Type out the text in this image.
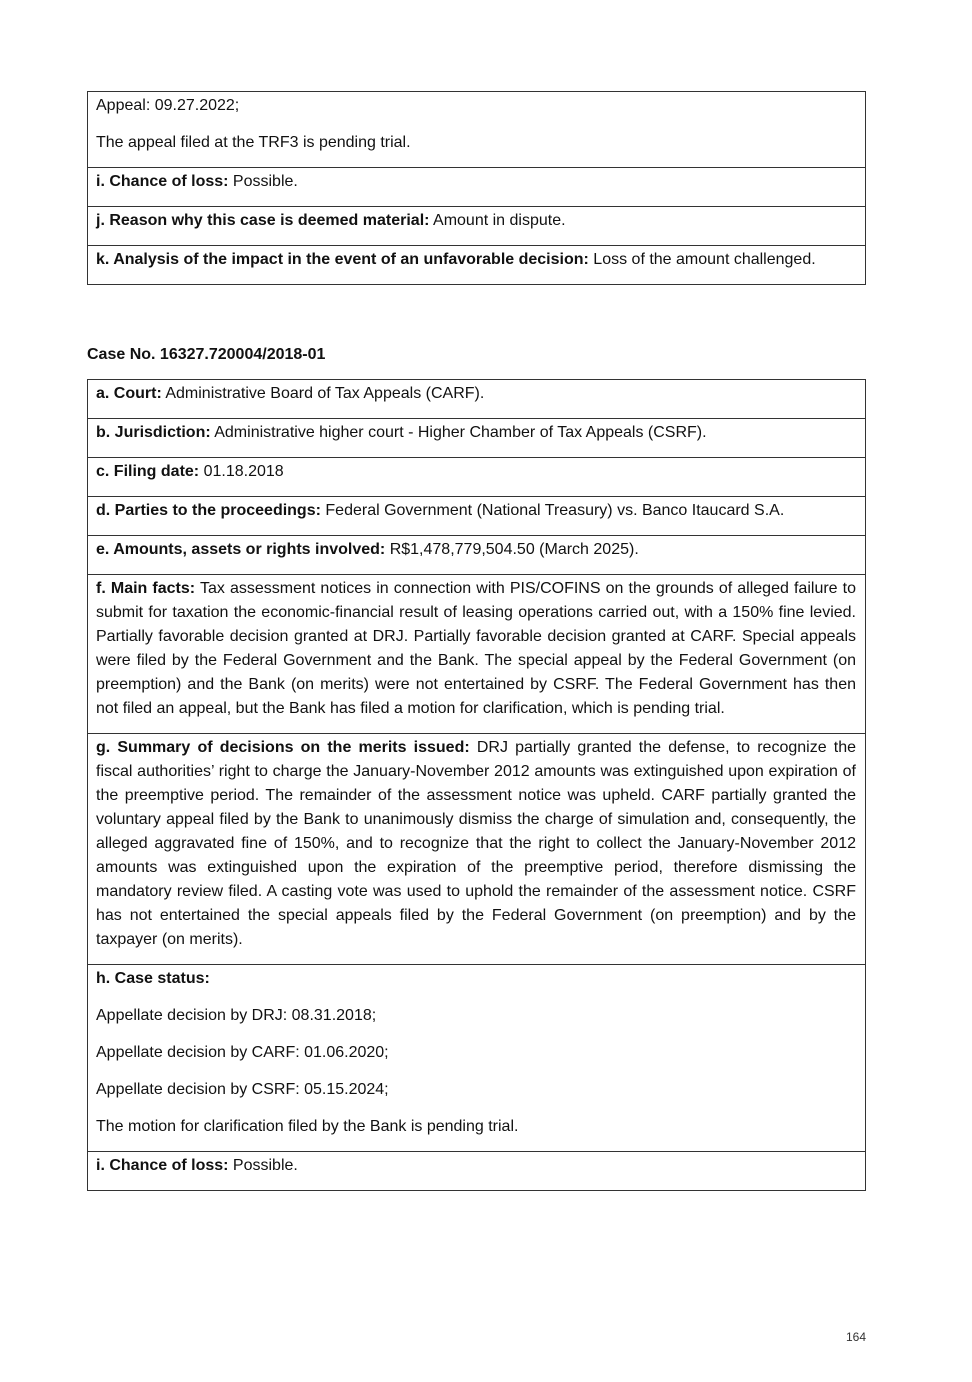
Appeal: 09.27.2022;

The appeal filed at the TRF3 is pending trial.

i. Chance of loss: Possible.
j. Reason why this case is deemed material: Amount in dispute.
k. Analysis of the impact in the event of an unfavorable decision: Loss of the amount challenged.
Case No. 16327.720004/2018-01
a. Court: Administrative Board of Tax Appeals (CARF).
b. Jurisdiction: Administrative higher court - Higher Chamber of Tax Appeals (CSRF).
c. Filing date: 01.18.2018
d. Parties to the proceedings: Federal Government (National Treasury) vs. Banco Itaucard S.A.
e. Amounts, assets or rights involved: R$1,478,779,504.50 (March 2025).
f. Main facts: Tax assessment notices in connection with PIS/COFINS on the grounds of alleged failure to submit for taxation the economic-financial result of leasing operations carried out, with a 150% fine levied. Partially favorable decision granted at DRJ. Partially favorable decision granted at CARF. Special appeals were filed by the Federal Government and the Bank. The special appeal by the Federal Government (on preemption) and the Bank (on merits) were not entertained by CSRF. The Federal Government has then not filed an appeal, but the Bank has filed a motion for clarification, which is pending trial.
g. Summary of decisions on the merits issued: DRJ partially granted the defense, to recognize the fiscal authorities’ right to charge the January-November 2012 amounts was extinguished upon expiration of the preemptive period. The remainder of the assessment notice was upheld. CARF partially granted the voluntary appeal filed by the Bank to unanimously dismiss the charge of simulation and, consequently, the alleged aggravated fine of 150%, and to recognize that the right to collect the January-November 2012 amounts was extinguished upon the expiration of the preemptive period, therefore dismissing the mandatory review filed. A casting vote was used to uphold the remainder of the assessment notice. CSRF has not entertained the special appeals filed by the Federal Government (on preemption) and by the taxpayer (on merits).

h. Case status:

Appellate decision by DRJ: 08.31.2018;

Appellate decision by CARF: 01.06.2020;

Appellate decision by CSRF: 05.15.2024;

The motion for clarification filed by the Bank is pending trial.

i. Chance of loss: Possible.
164
